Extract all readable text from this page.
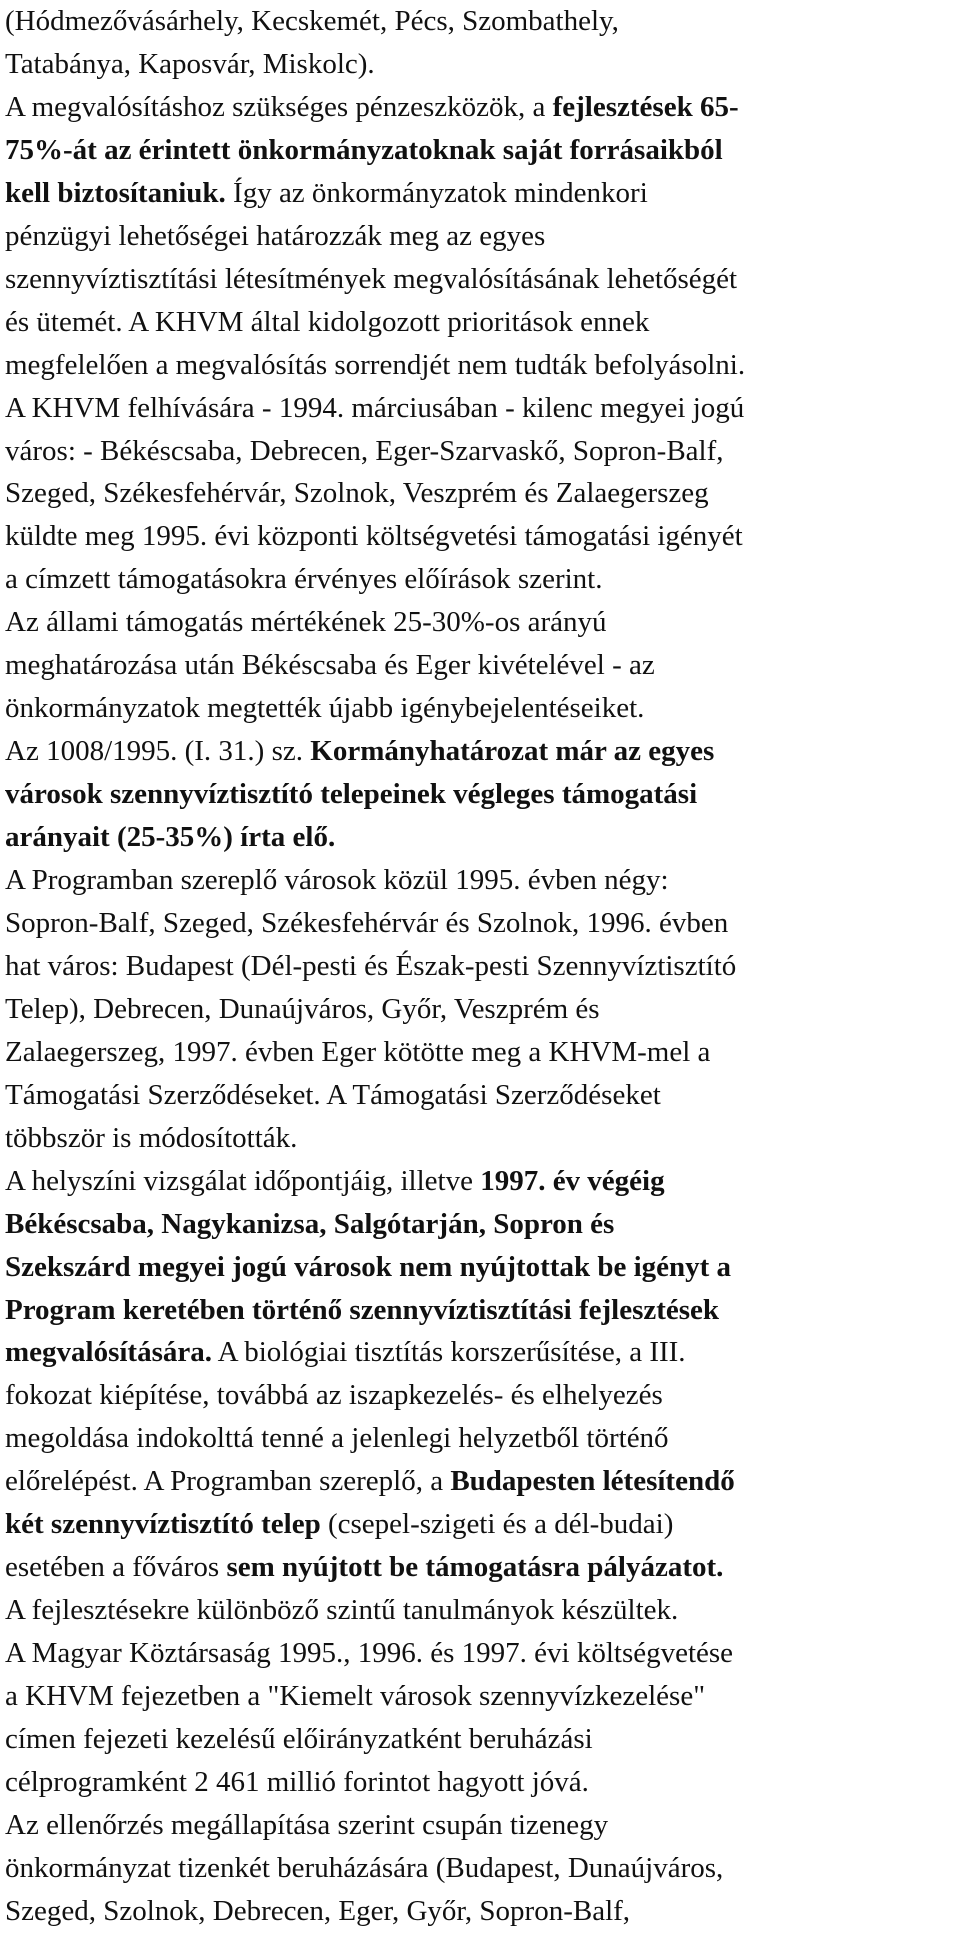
(Hódmezővásárhely, Kecskemét, Pécs, Szombathely,
Tatabánya, Kaposvár, Miskolc).
A megvalósításhoz szükséges pénzeszközök, a fejlesztések 65-
75%-át az érintett önkormányzatoknak saját forrásaikból
kell biztosítaniuk. Így az önkormányzatok mindenkori
pénzügyi lehetőségei határozzák meg az egyes
szennyvíztisztítási létesítmények megvalósításának lehetőségét
és ütemét. A KHVM által kidolgozott prioritások ennek
megfelelően a megvalósítás sorrendjét nem tudták befolyásolni.
A KHVM felhívására - 1994. márciusában - kilenc megyei jogú
város: - Békéscsaba, Debrecen, Eger-Szarvaskő, Sopron-Balf,
Szeged, Székesfehérvár, Szolnok, Veszprém és Zalaegerszeg
küldte meg 1995. évi központi költségvetési támogatási igényét
a címzett támogatásokra érvényes előírások szerint.
Az állami támogatás mértékének 25-30%-os arányú
meghatározása után Békéscsaba és Eger kivételével - az
önkormányzatok megtették újabb igénybejelentéseiket.
Az 1008/1995. (I. 31.) sz. Kormányhatározat már az egyes
városok szennyvíztisztító telepeinek végleges támogatási
arányait (25-35%) írta elő.
A Programban szereplő városok közül 1995. évben négy:
Sopron-Balf, Szeged, Székesfehérvár és Szolnok, 1996. évben
hat város: Budapest (Dél-pesti és Észak-pesti Szennyvíztisztító
Telep), Debrecen, Dunaújváros, Győr, Veszprém és
Zalaegerszeg, 1997. évben Eger kötötte meg a KHVM-mel a
Támogatási Szerződéseket. A Támogatási Szerződéseket
többször is módosították.
A helyszíni vizsgálat időpontjáig, illetve 1997. év végéig
Békéscsaba, Nagykanizsa, Salgótarján, Sopron és
Szekszárd megyei jogú városok nem nyújtottak be igényt a
Program keretében történő szennyvíztisztítási fejlesztések
megvalósítására. A biológiai tisztítás korszerűsítése, a III.
fokozat kiépítése, továbbá az iszapkezelés- és elhelyezés
megoldása indokolttá tenné a jelenlegi helyzetből történő
előrelépést. A Programban szereplő, a Budapesten létesítendő
két szennyvíztisztító telep (csepel-szigeti és a dél-budai)
esetében a főváros sem nyújtott be támogatásra pályázatot.
A fejlesztésekre különböző szintű tanulmányok készültek.
A Magyar Köztársaság 1995., 1996. és 1997. évi költségvetése
a KHVM fejezetben a "Kiemelt városok szennyvízkezelése"
címen fejezeti kezelésű előirányzatként beruházási
célprogramként 2 461 millió forintot hagyott jóvá.
Az ellenőrzés megállapítása szerint csupán tizenegy
önkormányzat tizenkét beruházására (Budapest, Dunaújváros,
Szeged, Szolnok, Debrecen, Eger, Győr, Sopron-Balf,
